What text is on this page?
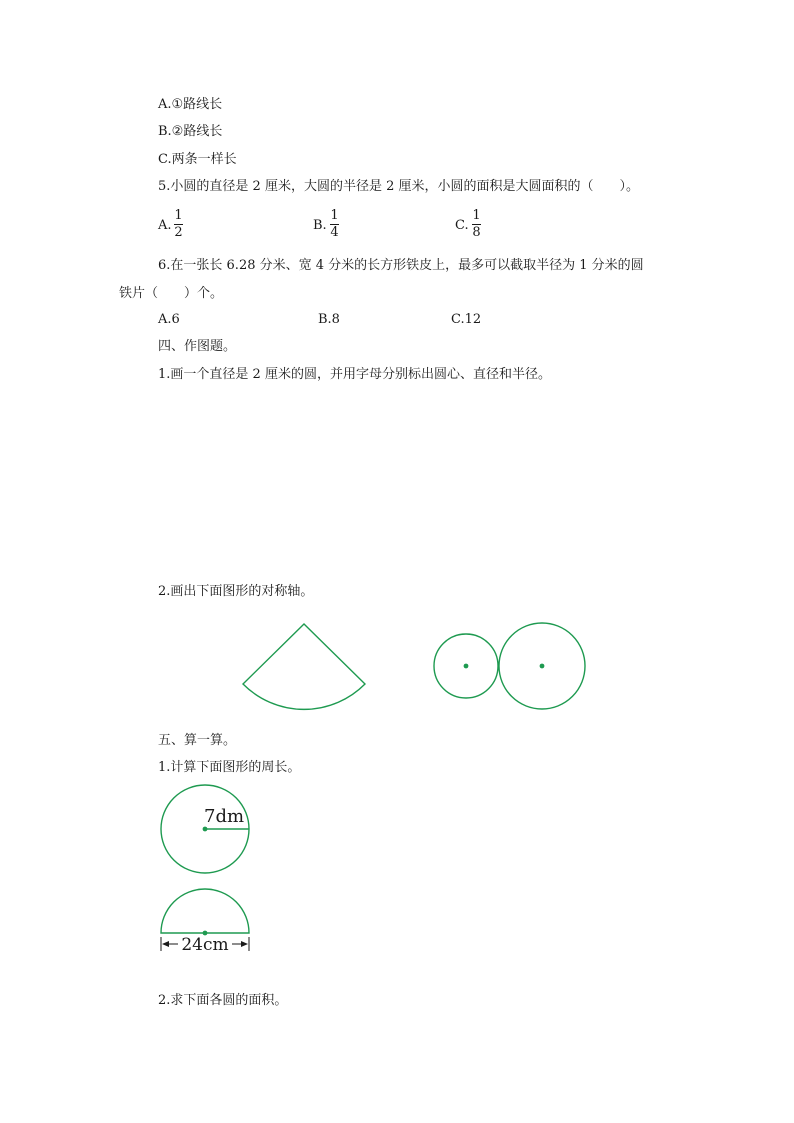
A.①路线长
B.②路线长
C.两条一样长
5.小圆的直径是 2 厘米，大圆的半径是 2 厘米，小圆的面积是大圆面积的（　　）。
A.
1
2	B.
1
4	C.
1
8
6.在一张长 6.28 分米、宽 4 分米的长方形铁皮上，最多可以截取半径为 1 分米的圆
铁片（　　）个。
A.6	B.8	C.12
四、作图题。
1.画一个直径是 2 厘米的圆，并用字母分别标出圆心、直径和半径。
2.画出下面图形的对称轴。
五、算一算。
1.计算下面图形的周长。
2.求下面各圆的面积。
7dm
24cm
